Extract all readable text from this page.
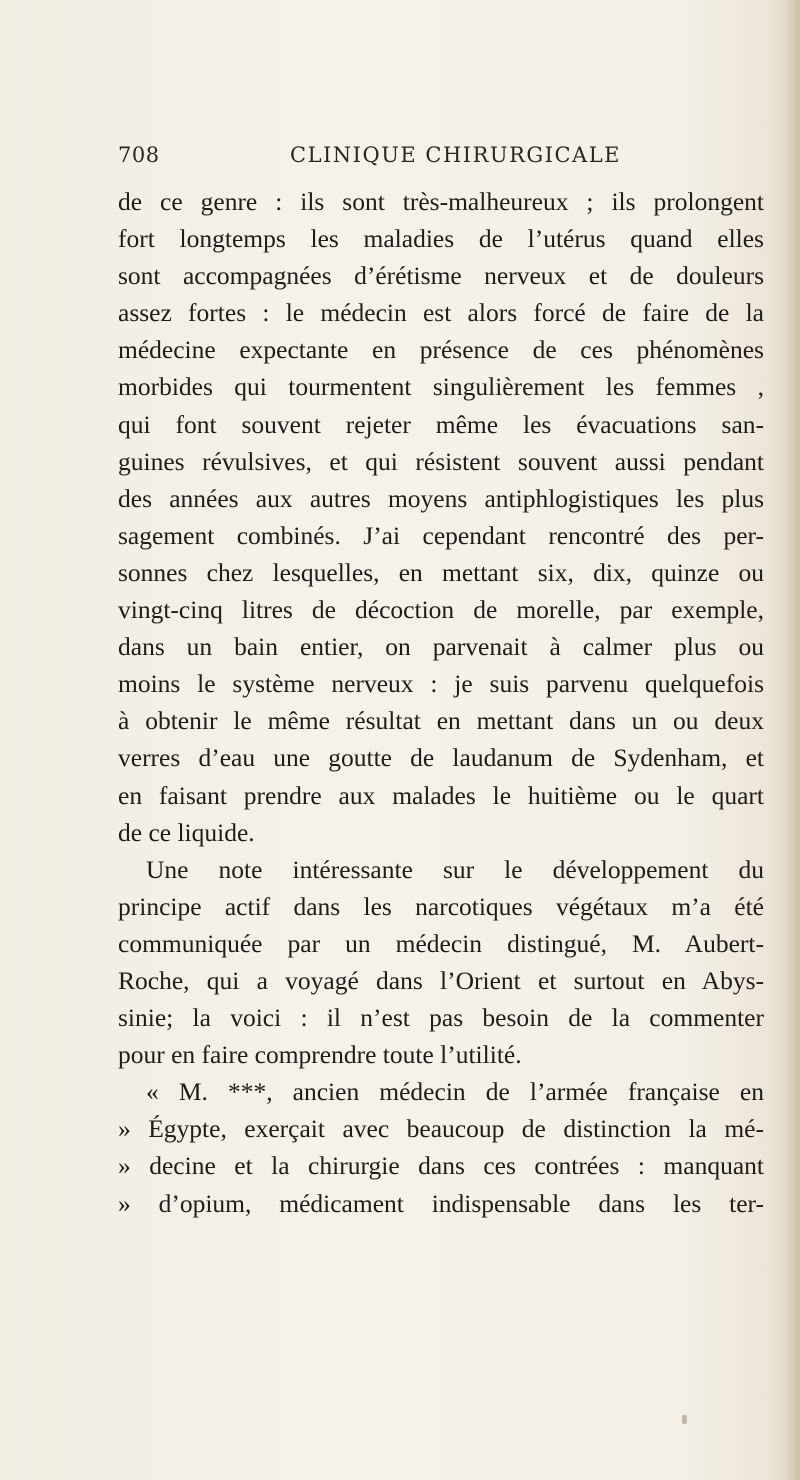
708	CLINIQUE CHIRURGICALE
de ce genre : ils sont très-malheureux ; ils prolongent
fort longtemps les maladies de l’utérus quand elles
sont accompagnées d’érétisme nerveux et de douleurs
assez fortes : le médecin est alors forcé de faire de la
médecine expectante en présence de ces phénomènes
morbides qui tourmentent singulièrement les femmes ,
qui font souvent rejeter même les évacuations san-
guines révulsives, et qui résistent souvent aussi pendant
des années aux autres moyens antiphlogistiques les plus
sagement combinés. J’ai cependant rencontré des per-
sonnes chez lesquelles, en mettant six, dix, quinze ou
vingt-cinq litres de décoction de morelle, par exemple,
dans un bain entier, on parvenait à calmer plus ou
moins le système nerveux : je suis parvenu quelquefois
à obtenir le même résultat en mettant dans un ou deux
verres d’eau une goutte de laudanum de Sydenham, et
en faisant prendre aux malades le huitième ou le quart
de ce liquide.
Une note intéressante sur le développement du
principe actif dans les narcotiques végétaux m’a été
communiquée par un médecin distingué, M. Aubert-
Roche, qui a voyagé dans l’Orient et surtout en Abys-
sinie; la voici : il n’est pas besoin de la commenter
pour en faire comprendre toute l’utilité.
« M. ***, ancien médecin de l’armée française en
» Égypte, exerçait avec beaucoup de distinction la mé-
» decine et la chirurgie dans ces contrées : manquant
» d’opium, médicament indispensable dans les ter-
